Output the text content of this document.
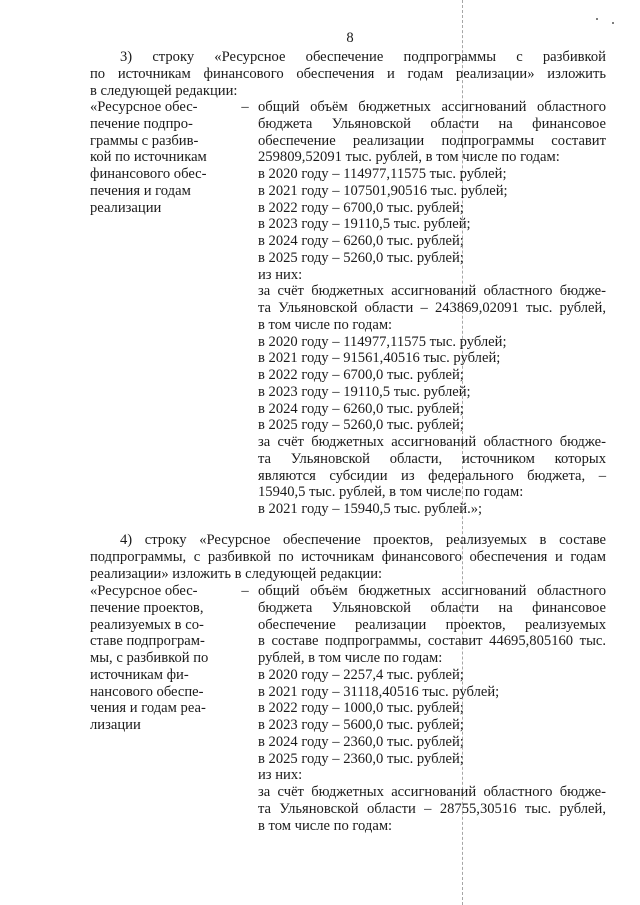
8
3) строку «Ресурсное обеспечение подпрограммы с разбивкой
по источникам финансового обеспечения и годам реализации» изложить
в следующей редакции:
«Ресурсное обес-
печение подпро-
граммы с разбив-
кой по источникам
финансового обес-
печения и годам
реализации
– общий объём бюджетных ассигнований областного
бюджета Ульяновской области на финансовое
обеспечение реализации подпрограммы составит
259809,52091 тыс. рублей, в том числе по годам:
в 2020 году – 114977,11575 тыс. рублей;
в 2021 году – 107501,90516 тыс. рублей;
в 2022 году – 6700,0 тыс. рублей;
в 2023 году – 19110,5 тыс. рублей;
в 2024 году – 6260,0 тыс. рублей;
в 2025 году – 5260,0 тыс. рублей;
из них:
за счёт бюджетных ассигнований областного бюдже-
та Ульяновской области – 243869,02091 тыс. рублей,
в том числе по годам:
в 2020 году – 114977,11575 тыс. рублей;
в 2021 году – 91561,40516 тыс. рублей;
в 2022 году – 6700,0 тыс. рублей;
в 2023 году – 19110,5 тыс. рублей;
в 2024 году – 6260,0 тыс. рублей;
в 2025 году – 5260,0 тыс. рублей;
за счёт бюджетных ассигнований областного бюдже-
та Ульяновской области, источником которых
являются субсидии из федерального бюджета, –
15940,5 тыс. рублей, в том числе по годам:
в 2021 году – 15940,5 тыс. рублей.»;
4) строку «Ресурсное обеспечение проектов, реализуемых в составе
подпрограммы, с разбивкой по источникам финансового обеспечения и годам
реализации» изложить в следующей редакции:
«Ресурсное обес-
печение проектов,
реализуемых в со-
ставе подпрограм-
мы, с разбивкой по
источникам фи-
нансового обеспе-
чения и годам реа-
лизации
– общий объём бюджетных ассигнований областного
бюджета Ульяновской области на финансовое
обеспечение реализации проектов, реализуемых
в составе подпрограммы, составит 44695,805160 тыс.
рублей, в том числе по годам:
в 2020 году – 2257,4 тыс. рублей;
в 2021 году – 31118,40516 тыс. рублей;
в 2022 году – 1000,0 тыс. рублей;
в 2023 году – 5600,0 тыс. рублей;
в 2024 году – 2360,0 тыс. рублей;
в 2025 году – 2360,0 тыс. рублей;
из них:
за счёт бюджетных ассигнований областного бюдже-
та Ульяновской области – 28755,30516 тыс. рублей,
в том числе по годам:
